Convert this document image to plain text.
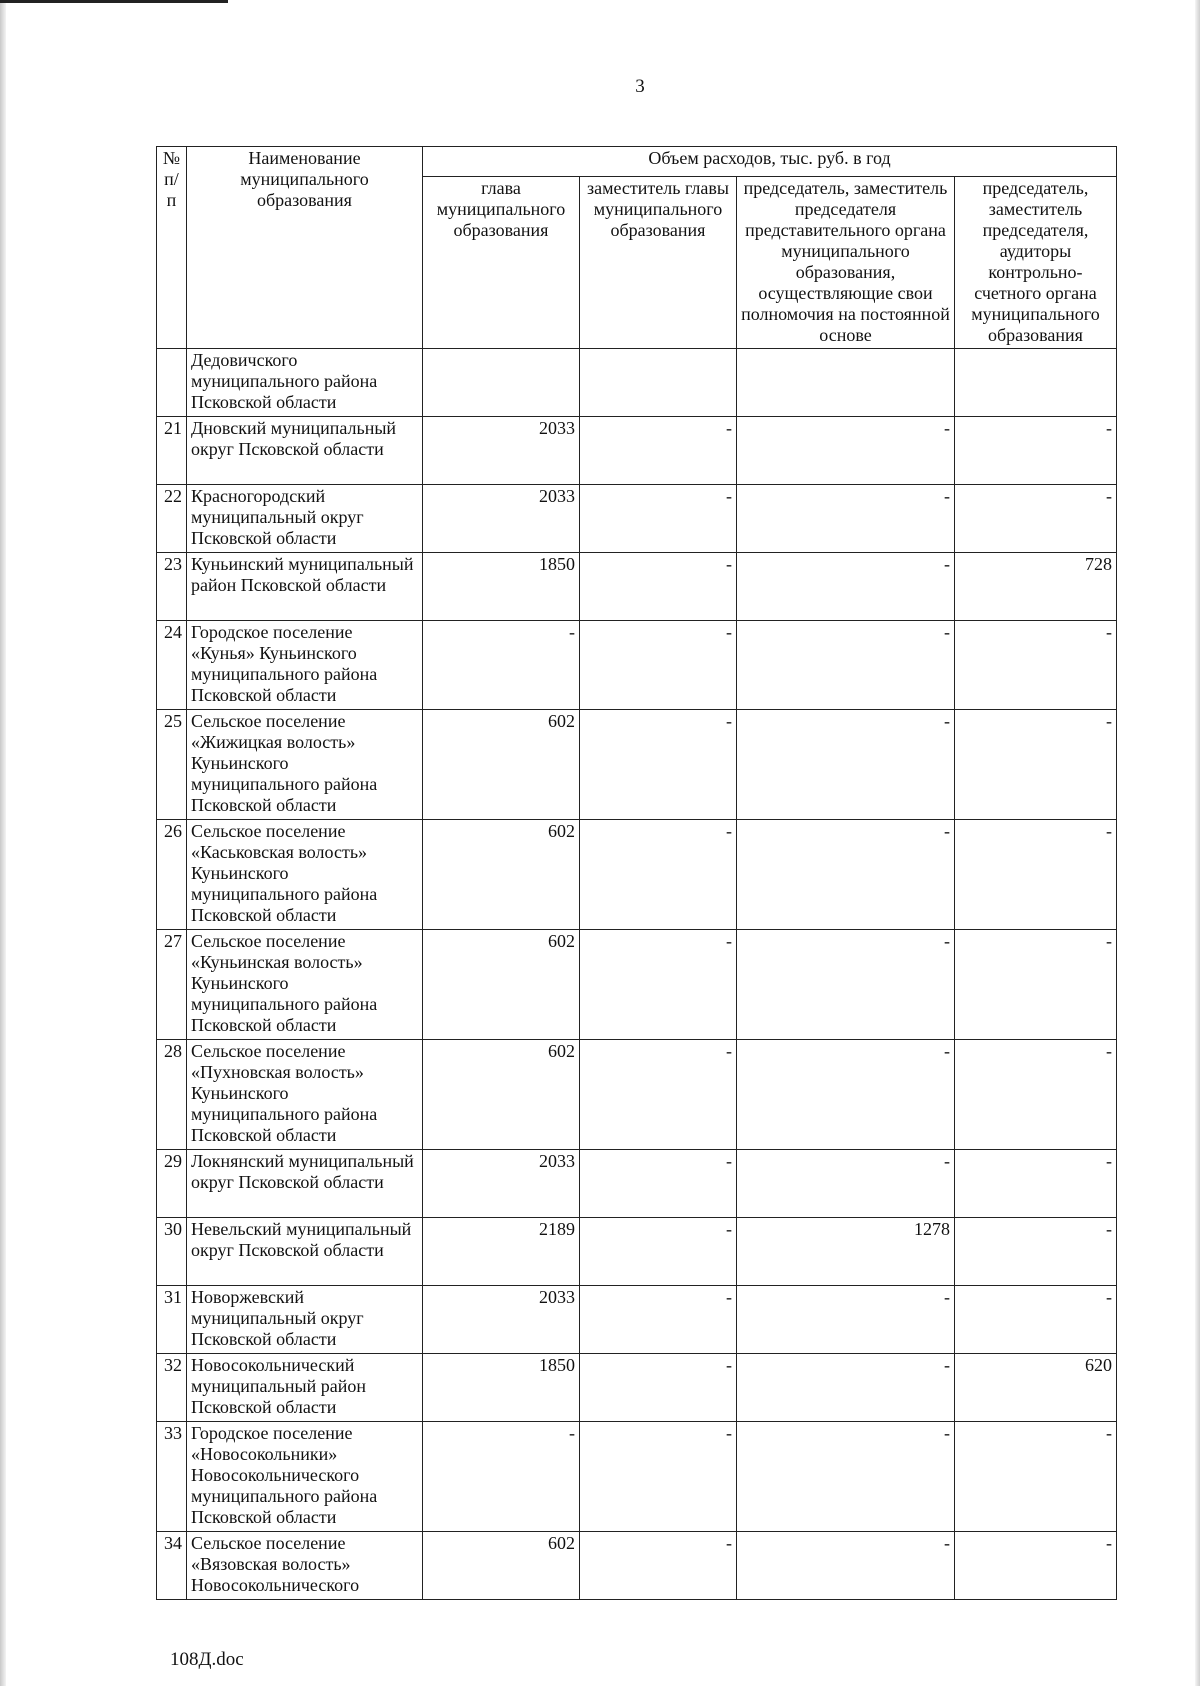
3
№ п/п	Наименование муниципального образования	Объем расходов, тыс. руб. в год			
		глава муниципального образования	заместитель главы муниципального образования	председатель, заместитель председателя представительного органа муниципального образования, осуществляющие свои полномочия на постоянной основе	председатель, заместитель председателя, аудиторы контрольно-счетного органа муниципального образования
	Дедовичского муниципального района Псковской области				
21	Дновский муниципальный округ Псковской области	2033	-	-	-
22	Красногородский муниципальный округ Псковской области	2033	-	-	-
23	Куньинский муниципальный район Псковской области	1850	-	-	728
24	Городское поселение «Кунья» Куньинского муниципального района Псковской области	-	-	-	-
25	Сельское поселение «Жижицкая волость» Куньинского муниципального района Псковской области	602	-	-	-
26	Сельское поселение «Каськовская волость» Куньинского муниципального района Псковской области	602	-	-	-
27	Сельское поселение «Куньинская волость» Куньинского муниципального района Псковской области	602	-	-	-
28	Сельское поселение «Пухновская волость» Куньинского муниципального района Псковской области	602	-	-	-
29	Локнянский муниципальный округ Псковской области	2033	-	-	-
30	Невельский муниципальный округ Псковской области	2189	-	1278	-
31	Новоржевский муниципальный округ Псковской области	2033	-	-	-
32	Новосокольнический муниципальный район Псковской области	1850	-	-	620
33	Городское поселение «Новосокольники» Новосокольнического муниципального района Псковской области	-	-	-	-
34	Сельское поселение «Вязовская волость» Новосокольнического	602	-	-	-
108Д.doc
